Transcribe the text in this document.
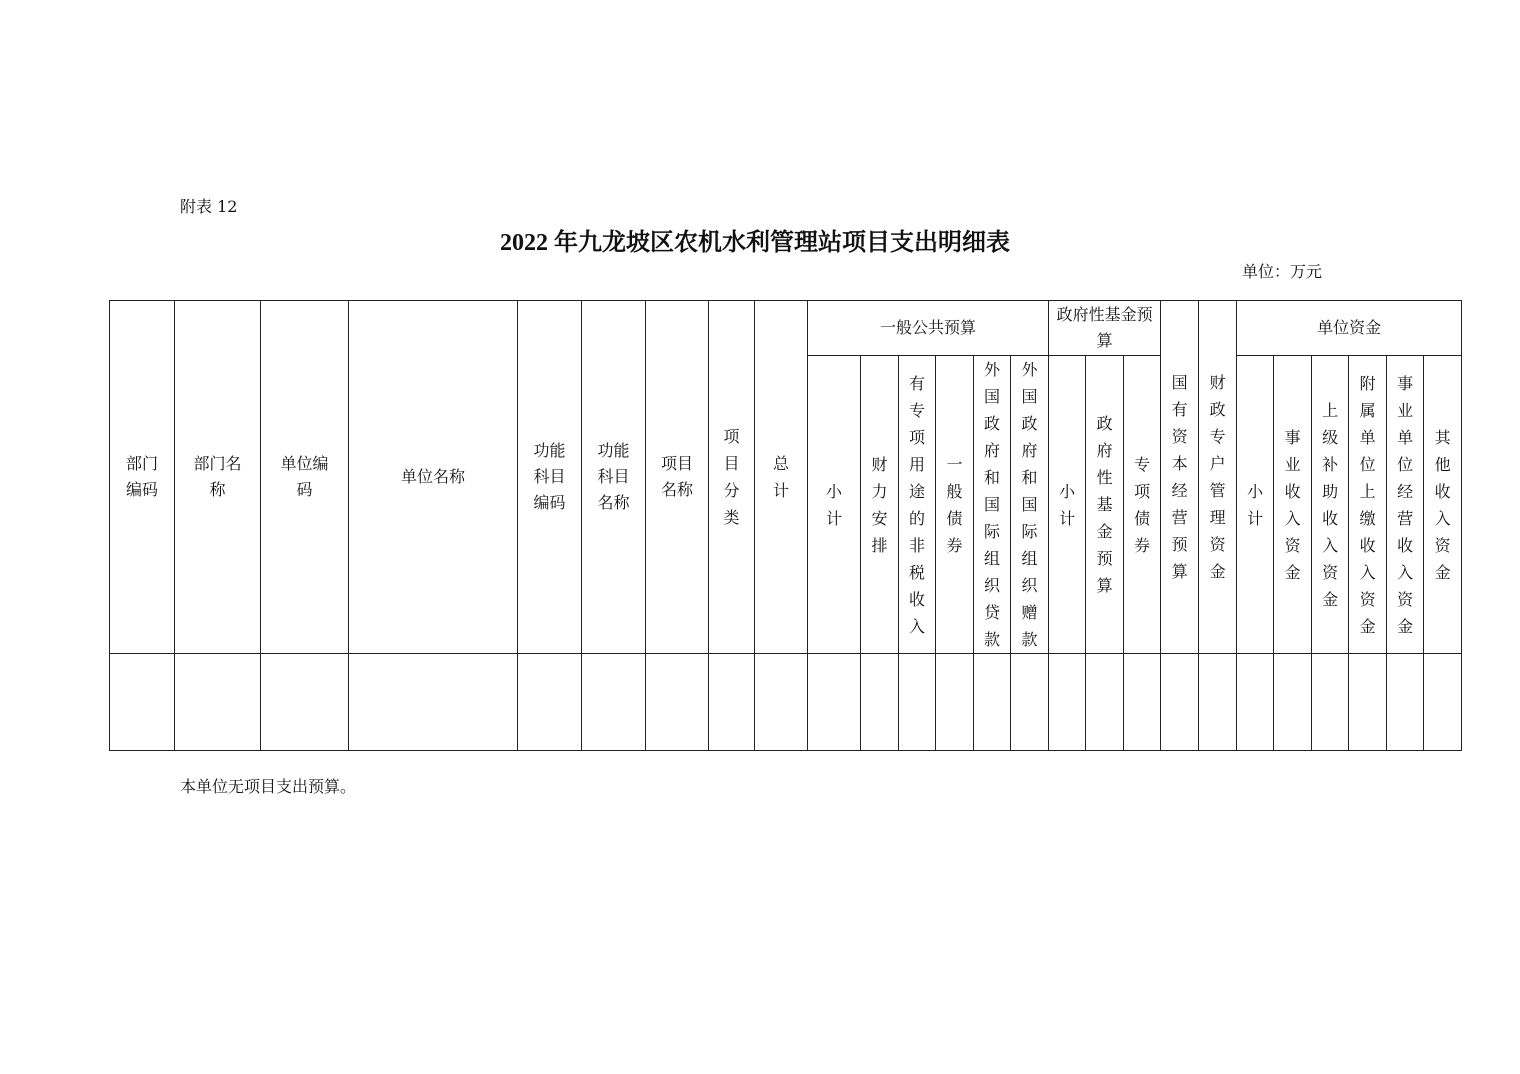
附表 12
2022 年九龙坡区农机水利管理站项目支出明细表
单位：万元
部门编码	部门名称	单位编码	单位名称	功能科目编码	功能科目名称	项目名称	项目分类	总计	一般公共预算						政府性基金预算			国有资本经营预算	财政专户管理资金	单位资金					
									小计	财力安排	有专项用途的非税收入	一般债券	外国政府和国际组织贷款	外国政府和国际组织赠款	小计	政府性基金预算	专项债券			小计	事业收入资金	上级补助收入资金	附属单位上缴收入资金	事业单位经营收入资金	其他收入资金

本单位无项目支出预算。
